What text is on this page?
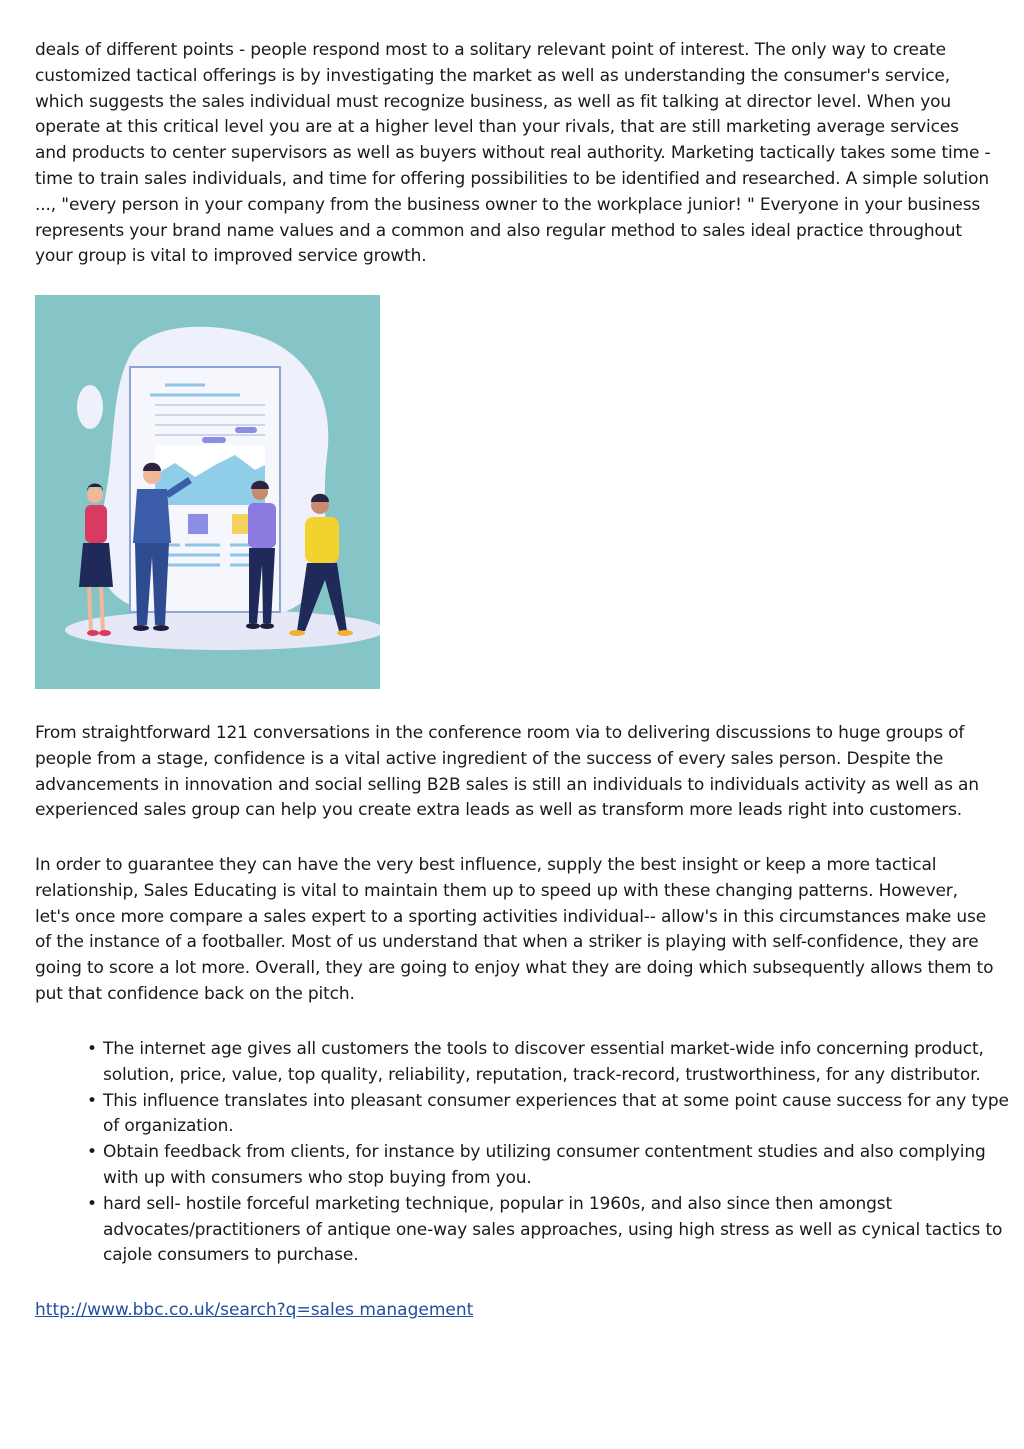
deals of different points - people respond most to a solitary relevant point of interest. The only way to create customized tactical offerings is by investigating the market as well as understanding the consumer's service, which suggests the sales individual must recognize business, as well as fit talking at director level. When you operate at this critical level you are at a higher level than your rivals, that are still marketing average services and products to center supervisors as well as buyers without real authority. Marketing tactically takes some time - time to train sales individuals, and time for offering possibilities to be identified and researched. A simple solution ..., "every person in your company from the business owner to the workplace junior! " Everyone in your business represents your brand name values and a common and also regular method to sales ideal practice throughout your group is vital to improved service growth.

From straightforward 121 conversations in the conference room via to delivering discussions to huge groups of people from a stage, confidence is a vital active ingredient of the success of every sales person. Despite the advancements in innovation and social selling B2B sales is still an individuals to individuals activity as well as an experienced sales group can help you create extra leads as well as transform more leads right into customers.

In order to guarantee they can have the very best influence, supply the best insight or keep a more tactical relationship, Sales Educating is vital to maintain them up to speed up with these changing patterns. However, let's once more compare a sales expert to a sporting activities individual-- allow's in this circumstances make use of the instance of a footballer. Most of us understand that when a striker is playing with self-confidence, they are going to score a lot more. Overall, they are going to enjoy what they are doing which subsequently allows them to put that confidence back on the pitch.

• The internet age gives all customers the tools to discover essential market-wide info concerning product, solution, price, value, top quality, reliability, reputation, track-record, trustworthiness, for any distributor.
• This influence translates into pleasant consumer experiences that at some point cause success for any type of organization.
• Obtain feedback from clients, for instance by utilizing consumer contentment studies and also complying with up with consumers who stop buying from you.
• hard sell- hostile forceful marketing technique, popular in 1960s, and also since then amongst advocates/practitioners of antique one-way sales approaches, using high stress as well as cynical tactics to cajole consumers to purchase.
http://www.bbc.co.uk/search?q=sales management
